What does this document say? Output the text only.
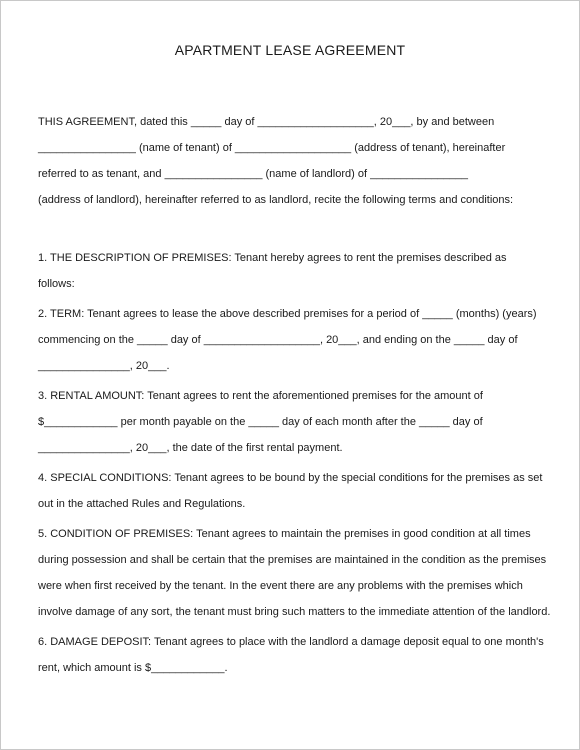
APARTMENT LEASE AGREEMENT
THIS AGREEMENT, dated this _____ day of ___________________, 20___, by and between
________________ (name of tenant) of ___________________ (address of tenant), hereinafter
referred to as tenant, and ________________ (name of landlord) of ________________
(address of landlord), hereinafter referred to as landlord, recite the following terms and conditions:
1. THE DESCRIPTION OF PREMISES: Tenant hereby agrees to rent the premises described as
follows:
2. TERM: Tenant agrees to lease the above described premises for a period of _____ (months) (years)
commencing on the _____ day of ___________________, 20___, and ending on the _____ day of
_______________, 20___.
3. RENTAL AMOUNT: Tenant agrees to rent the aforementioned premises for the amount of
$____________ per month payable on the _____ day of each month after the _____ day of
_______________, 20___, the date of the first rental payment.
4. SPECIAL CONDITIONS: Tenant agrees to be bound by the special conditions for the premises as set
out in the attached Rules and Regulations.
5. CONDITION OF PREMISES: Tenant agrees to maintain the premises in good condition at all times
during possession and shall be certain that the premises are maintained in the condition as the premises
were when first received by the tenant. In the event there are any problems with the premises which
involve damage of any sort, the tenant must bring such matters to the immediate attention of the landlord.
6. DAMAGE DEPOSIT: Tenant agrees to place with the landlord a damage deposit equal to one month's
rent, which amount is $____________.
